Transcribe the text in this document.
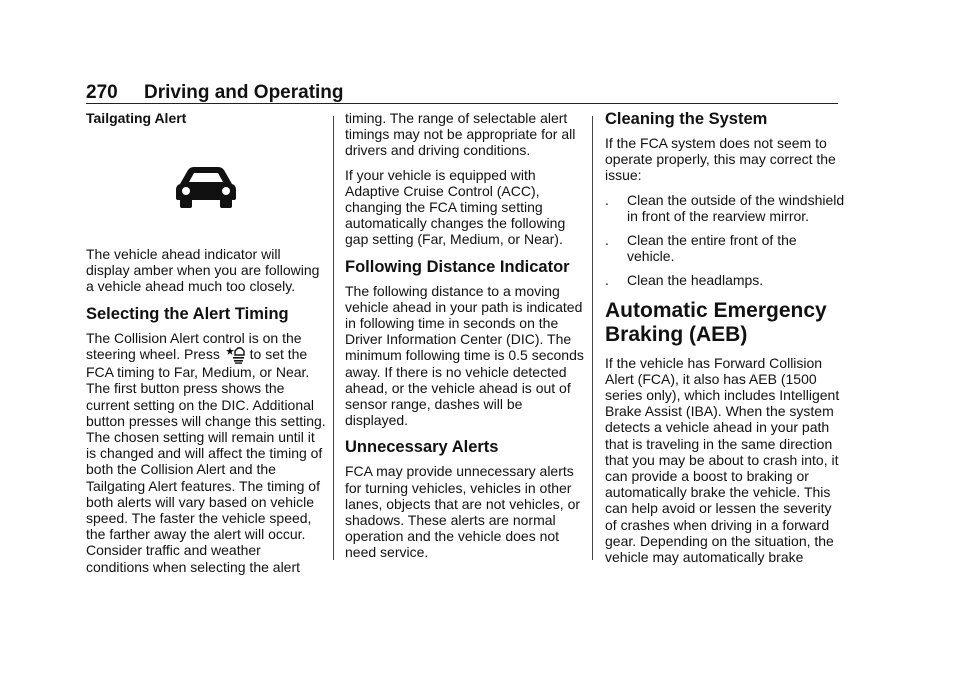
270 Driving and Operating
Tailgating Alert

The vehicle ahead indicator will display amber when you are following a vehicle ahead much too closely.

Selecting the Alert Timing

The Collision Alert control is on the steering wheel. Press to set the FCA timing to Far, Medium, or Near. The first button press shows the current setting on the DIC. Additional button presses will change this setting. The chosen setting will remain until it is changed and will affect the timing of both the Collision Alert and the Tailgating Alert features. The timing of both alerts will vary based on vehicle speed. The faster the vehicle speed, the farther away the alert will occur. Consider traffic and weather conditions when selecting the alert

timing. The range of selectable alert timings may not be appropriate for all drivers and driving conditions.

If your vehicle is equipped with Adaptive Cruise Control (ACC), changing the FCA timing setting automatically changes the following gap setting (Far, Medium, or Near).

Following Distance Indicator

The following distance to a moving vehicle ahead in your path is indicated in following time in seconds on the Driver Information Center (DIC). The minimum following time is 0.5 seconds away. If there is no vehicle detected ahead, or the vehicle ahead is out of sensor range, dashes will be displayed.

Unnecessary Alerts

FCA may provide unnecessary alerts for turning vehicles, vehicles in other lanes, objects that are not vehicles, or shadows. These alerts are normal operation and the vehicle does not need service.

Cleaning the System

If the FCA system does not seem to operate properly, this may correct the issue:

.	Clean the outside of the windshield in front of the rearview mirror.
.	Clean the entire front of the vehicle.
.	Clean the headlamps.
Automatic Emergency Braking (AEB)

If the vehicle has Forward Collision Alert (FCA), it also has AEB (1500 series only), which includes Intelligent Brake Assist (IBA). When the system detects a vehicle ahead in your path that is traveling in the same direction that you may be about to crash into, it can provide a boost to braking or automatically brake the vehicle. This can help avoid or lessen the severity of crashes when driving in a forward gear. Depending on the situation, the vehicle may automatically brake
